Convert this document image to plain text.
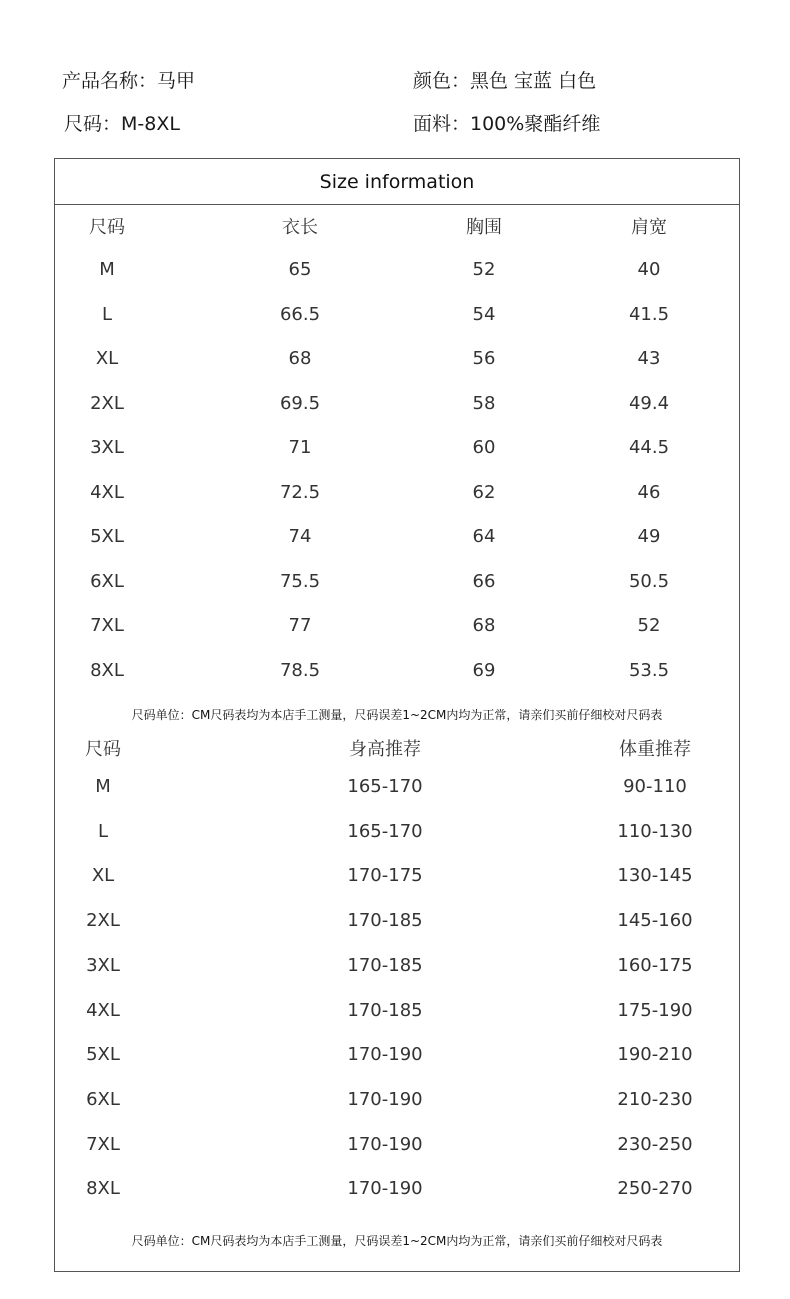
产品名称：马甲	颜色：黑色 宝蓝 白色
尺码：M-8XL	面料：100%聚酯纤维
Size information
尺码单位：CM尺码表均为本店手工测量，尺码误差1~2CM内均为正常，请亲们买前仔细校对尺码表
尺码单位：CM尺码表均为本店手工测量，尺码误差1~2CM内均为正常，请亲们买前仔细校对尺码表
尺码	衣长	胸围	肩宽
M	65	52	40
L	66.5	54	41.5
XL	68	56	43
2XL	69.5	58	49.4
3XL	71	60	44.5
4XL	72.5	62	46
5XL	74	64	49
6XL	75.5	66	50.5
7XL	77	68	52
8XL	78.5	69	53.5
尺码	身高推荐	体重推荐
M	165-170	90-110
L	165-170	110-130
XL	170-175	130-145
2XL	170-185	145-160
3XL	170-185	160-175
4XL	170-185	175-190
5XL	170-190	190-210
6XL	170-190	210-230
7XL	170-190	230-250
8XL	170-190	250-270
